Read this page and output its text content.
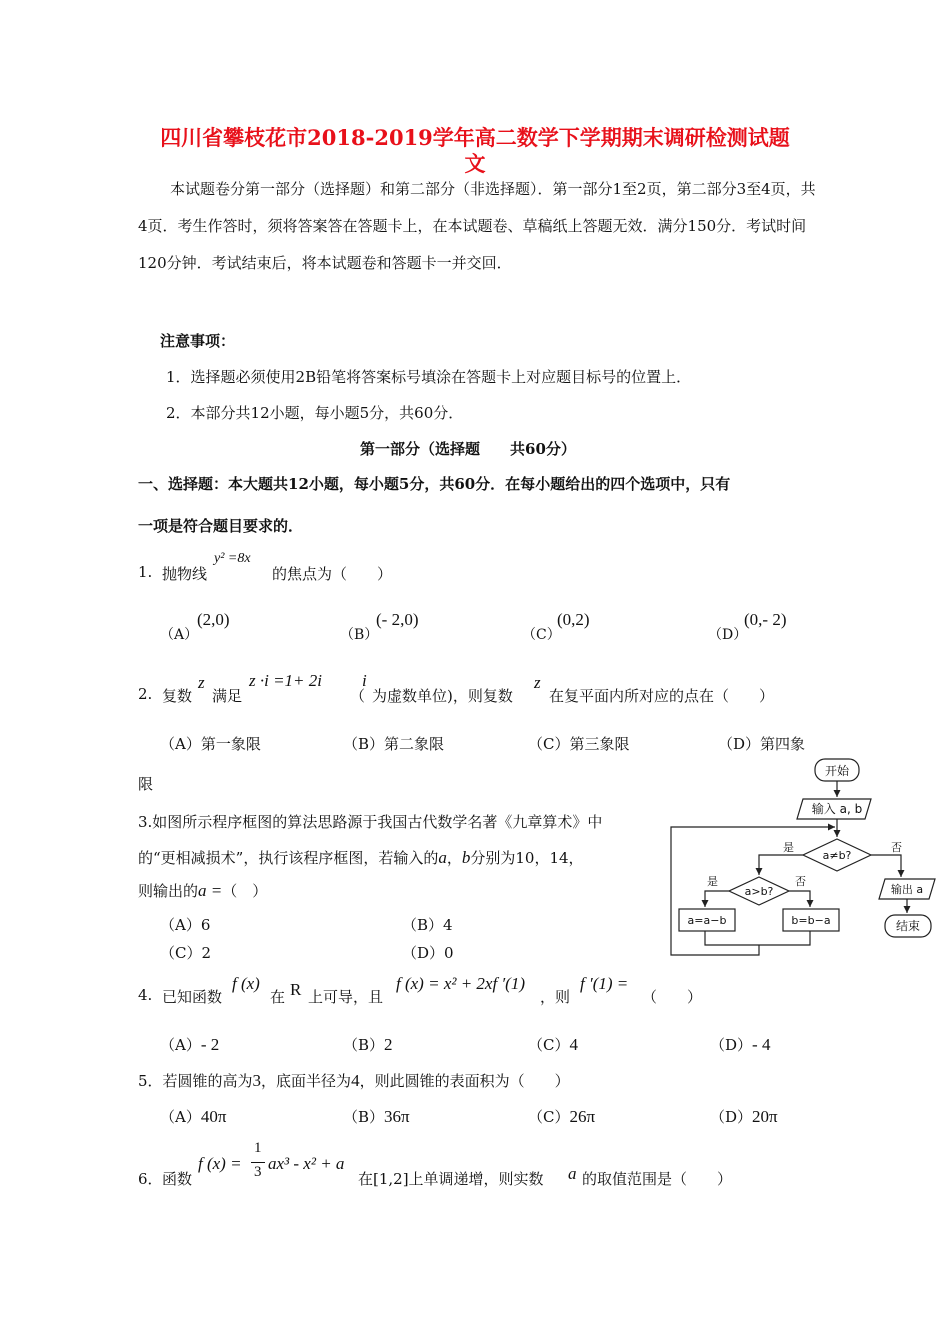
四川省攀枝花市2018-2019学年高二数学下学期期末调研检测试题
文
本试题卷分第一部分（选择题）和第二部分（非选择题）．第一部分1至2页，第二部分3至4页，共4页．考生作答时，须将答案答在答题卡上，在本试题卷、草稿纸上答题无效．满分150分．考试时间120分钟．考试结束后，将本试题卷和答题卡一并交回．
注意事项：
1．选择题必须使用2B铅笔将答案标号填涂在答题卡上对应题目标号的位置上．
2．本部分共12小题，每小题5分，共60分．
第一部分（选择题　　共60分）
一、选择题：本大题共12小题，每小题5分，共60分．在每小题给出的四个选项中，只有
一项是符合题目要求的．
1. 抛物线
y² =8x
的焦点为（　　）
（A）
(2,0)
（B）
(- 2,0)
（C）
(0,2)
（D）
(0,- 2)
2. 复数
z
满足
z ·i =1+ 2i i
（ 为虚数单位)，则复数
z
在复平面内所对应的点在（　　）
（A）第一象限	（B）第二象限	（C）第三象限	（D）第四象
限
3.如图所示程序框图的算法思路源于我国古代数学名著《九章算术》中
的“更相减损术”，执行该程序框图，若输入的a，b分别为10，14，
则输出的a =（　）
（A）6	（B）4
（C）2	（D）0
开始
输入 a, b
a≠b?
是	否
a>b?
是	否
a=a−b	b=b−a
输出 a
结束
4. 已知函数
f (x)
在 R 上可导，且
f (x) = x² + 2xf ′(1)
，则
f ′(1) =
（　　）
（A）- 2	（B）2	（C）4	（D）- 4
5．若圆锥的高为3，底面半径为4，则此圆锥的表面积为（　　）
（A）40π	（B）36π	（C）26π	（D）20π
6． 函数
f (x) =
1
3 ax³ - x² + a
在[1,2]上单调递增，则实数 a 的取值范围是（　　）
